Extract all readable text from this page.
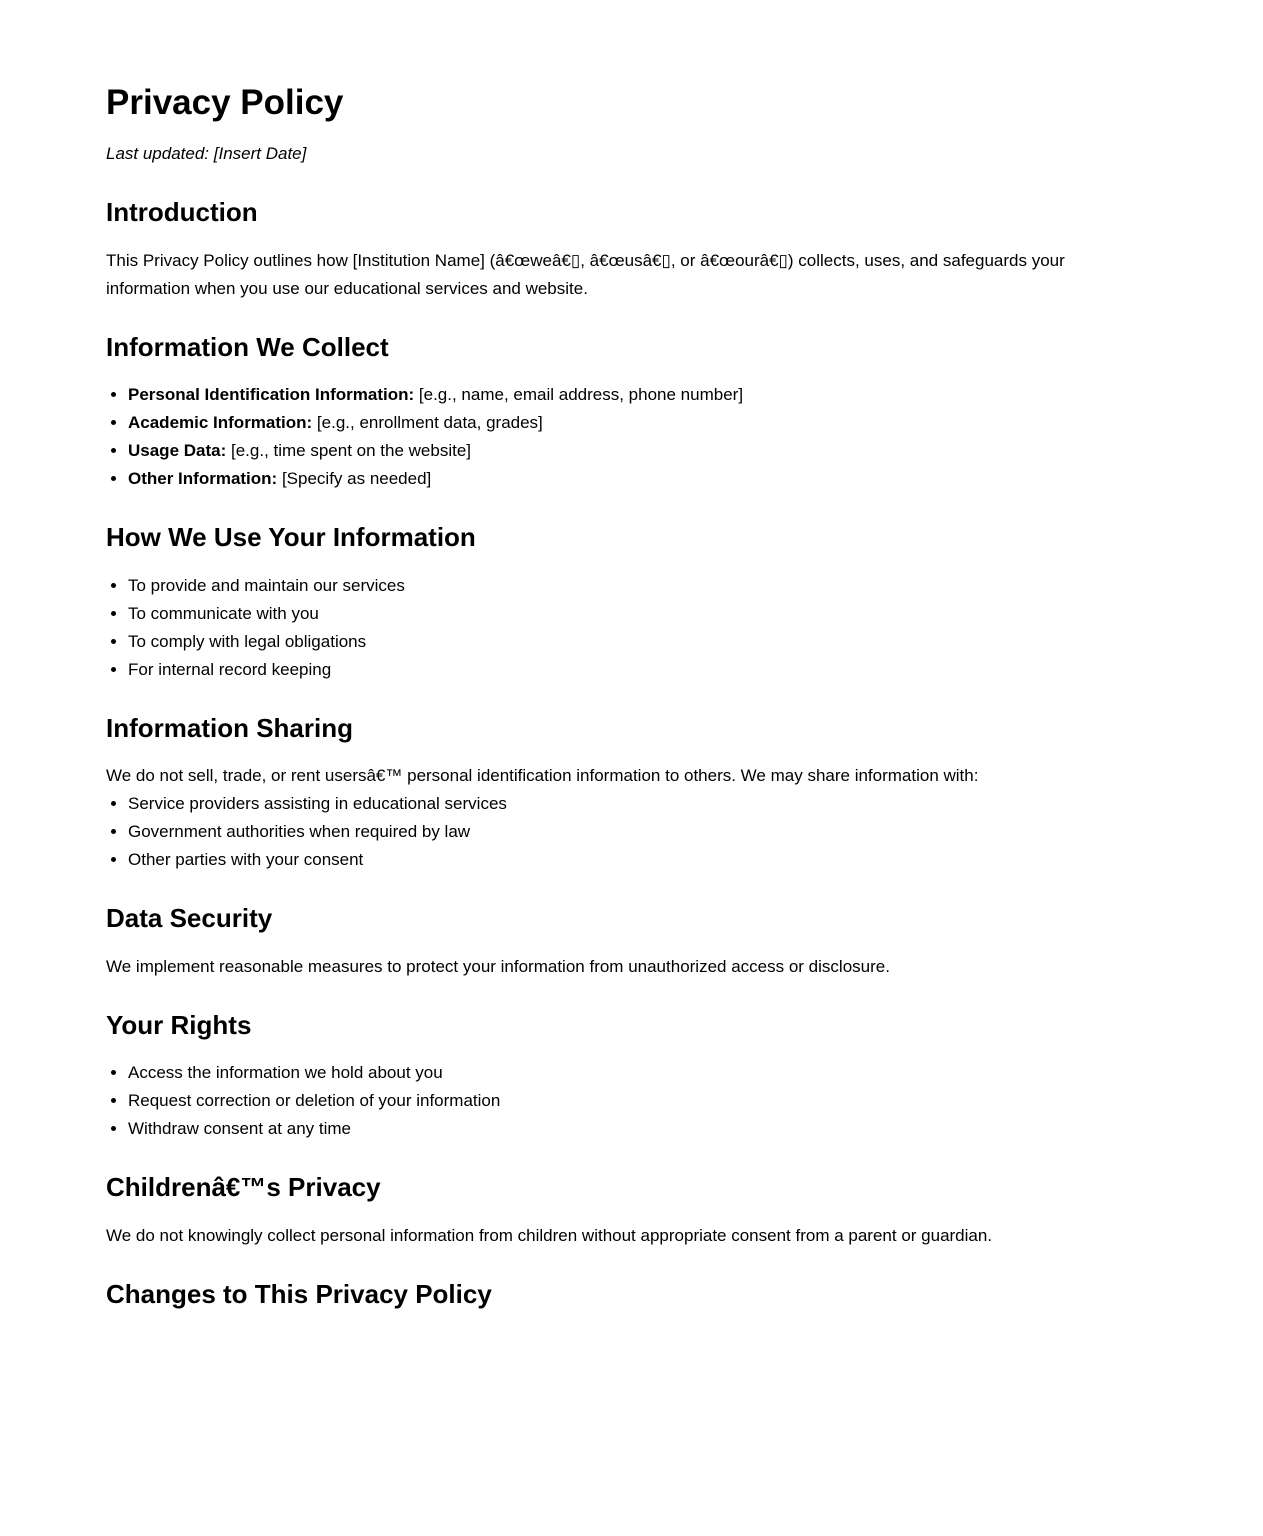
Privacy Policy

Last updated: [Insert Date]

Introduction

This Privacy Policy outlines how [Institution Name] (â€œweâ€▯, â€œusâ€▯, or â€œourâ€▯) collects, uses, and safeguards your information when you use our educational services and website.

Information We Collect
• Personal Identification Information: [e.g., name, email address, phone number]
• Academic Information: [e.g., enrollment data, grades]
• Usage Data: [e.g., time spent on the website]
• Other Information: [Specify as needed]
How We Use Your Information
• To provide and maintain our services
• To communicate with you
• To comply with legal obligations
• For internal record keeping
Information Sharing

We do not sell, trade, or rent usersâ€™ personal identification information to others. We may share information with:

• Service providers assisting in educational services
• Government authorities when required by law
• Other parties with your consent
Data Security

We implement reasonable measures to protect your information from unauthorized access or disclosure.

Your Rights
• Access the information we hold about you
• Request correction or deletion of your information
• Withdraw consent at any time
Childrenâ€™s Privacy

We do not knowingly collect personal information from children without appropriate consent from a parent or guardian.

Changes to This Privacy Policy
